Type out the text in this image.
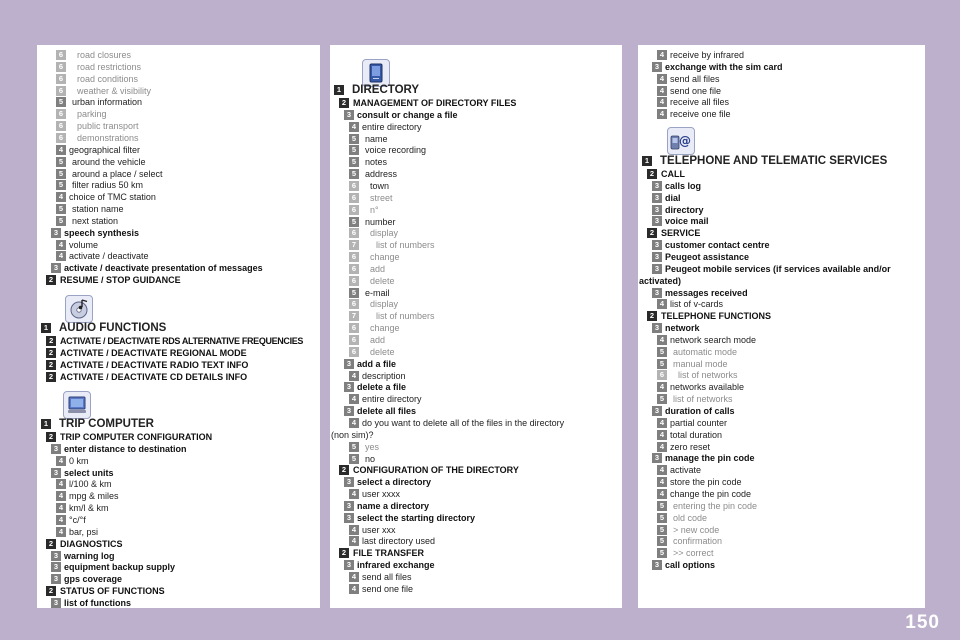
6	road closures
6	road restrictions
6	road conditions
6	weather & visibility
5 urban information
6	parking
6	public transport
6	demonstrations
4 geographical filter
5 around the vehicle
5 around a place / select
5 filter radius 50 km
4 choice of TMC station
5 station name
5 next station
3 speech synthesis
4 volume
4 activate / deactivate
3 activate / deactivate presentation of messages
2 RESUME / STOP GUIDANCE
1 AUDIO FUNCTIONS
2 ACTIVATE / DEACTIVATE RDS ALTERNATIVE FREQUENCIES
2 ACTIVATE / DEACTIVATE REGIONAL MODE
2 ACTIVATE / DEACTIVATE RADIO TEXT INFO
2 ACTIVATE / DEACTIVATE CD DETAILS INFO
1 TRIP COMPUTER
2 TRIP COMPUTER CONFIGURATION
3 enter distance to destination
4 0 km
3 select units
4 l/100 & km
4 mpg & miles
4 km/l & km
4 °c/°f
4 bar, psi
2 DIAGNOSTICS
3 warning log
3 equipment backup supply
3 gps coverage
2 STATUS OF FUNCTIONS
3 list of functions
1 DIRECTORY
2 MANAGEMENT OF DIRECTORY FILES
3 consult or change a file
4 entire directory
5 name
5 voice recording
5 notes
5 address
6	town
6	street
6	n°
5 number
6	display
7	list of numbers
6	change
6	add
6	delete
5 e-mail
6	display
7	list of numbers
6	change
6	add
6	delete
3 add a file
4 description
3 delete a file
4 entire directory
3 delete all files
4 do you want to delete all of the files in the directory
(non sim)?
5 yes
5 no
2 CONFIGURATION OF THE DIRECTORY
3 select a directory
4 user xxxx
3 name a directory
3 select the starting directory
4 user xxx
4 last directory used
2 FILE TRANSFER
3 infrared exchange
4 send all files
4 send one file
4 receive by infrared
3 exchange with the sim card
4 send all files
4 send one file
4 receive all files
4 receive one file
@
1 TELEPHONE AND TELEMATIC SERVICES
2 CALL
3 calls log
3 dial
3 directory
3 voice mail
2 SERVICE
3 customer contact centre
3 Peugeot assistance
3 Peugeot mobile services (if services available and/or
activated)
3 messages received
4 list of v-cards
2 TELEPHONE FUNCTIONS
3 network
4 network search mode
5 automatic mode
5 manual mode
6	list of networks
4 networks available
5 list of networks
3 duration of calls
4 partial counter
4 total duration
4 zero reset
3 manage the pin code
4 activate
4 store the pin code
4 change the pin code
5 entering the pin code
5 old code
5 > new code
5 confirmation
5 >> correct
3 call options
150
